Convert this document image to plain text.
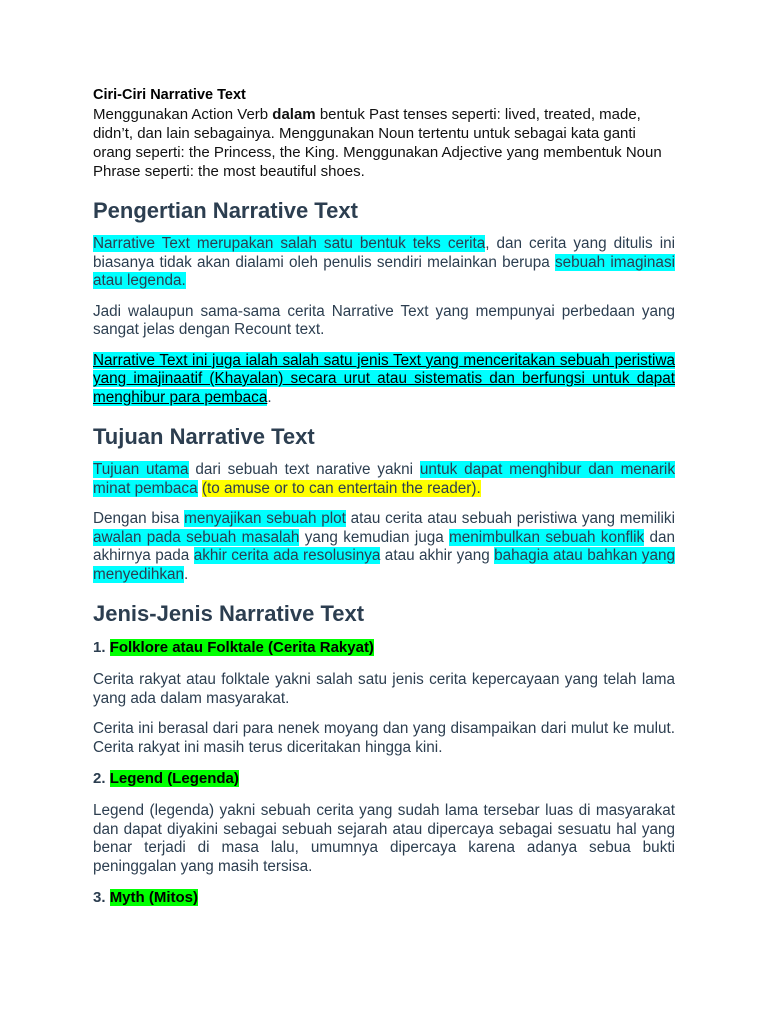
Ciri-Ciri Narrative Text

Menggunakan Action Verb dalam bentuk Past tenses seperti: lived, treated, made, didn’t, dan lain sebagainya. Menggunakan Noun tertentu untuk sebagai kata ganti orang seperti: the Princess, the King. Menggunakan Adjective yang membentuk Noun Phrase seperti: the most beautiful shoes.

Pengertian Narrative Text

Narrative Text merupakan salah satu bentuk teks cerita, dan cerita yang ditulis ini biasanya tidak akan dialami oleh penulis sendiri melainkan berupa sebuah imaginasi atau legenda.

Jadi walaupun sama-sama cerita Narrative Text yang mempunyai perbedaan yang sangat jelas dengan Recount text.

Narrative Text ini juga ialah salah satu jenis Text yang menceritakan sebuah peristiwa yang imajinaatif (Khayalan) secara urut atau sistematis dan berfungsi untuk dapat menghibur para pembaca.

Tujuan Narrative Text

Tujuan utama dari sebuah text narative yakni untuk dapat menghibur dan menarik minat pembaca (to amuse or to can entertain the reader).

Dengan bisa menyajikan sebuah plot atau cerita atau sebuah peristiwa yang memiliki awalan pada sebuah masalah yang kemudian juga menimbulkan sebuah konflik dan akhirnya pada akhir cerita ada resolusinya atau akhir yang bahagia atau bahkan yang menyedihkan.

Jenis-Jenis Narrative Text
1. Folklore atau Folktale (Cerita Rakyat)

Cerita rakyat atau folktale yakni salah satu jenis cerita kepercayaan yang telah lama yang ada dalam masyarakat.

Cerita ini berasal dari para nenek moyang dan yang disampaikan dari mulut ke mulut. Cerita rakyat ini masih terus diceritakan hingga kini.

2. Legend (Legenda)

Legend (legenda) yakni sebuah cerita yang sudah lama tersebar luas di masyarakat dan dapat diyakini sebagai sebuah sejarah atau dipercaya sebagai sesuatu hal yang benar terjadi di masa lalu, umumnya dipercaya karena adanya sebua bukti peninggalan yang masih tersisa.

3. Myth (Mitos)
